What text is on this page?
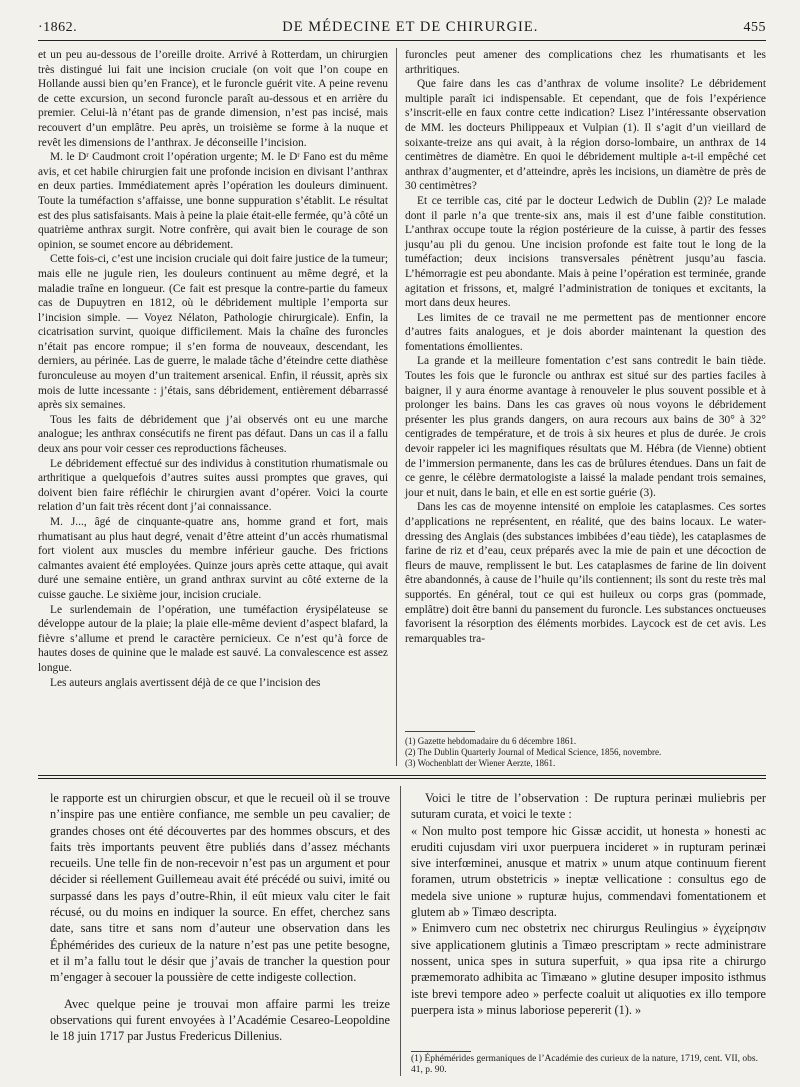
·1862.	DE MÉDECINE ET DE CHIRURGIE.	455

et un peu au-dessous de l’oreille droite. Arrivé à Rotterdam, un chirurgien très distingué lui fait une incision cruciale (on voit que l’on coupe en Hollande aussi bien qu’en France), et le furoncle guérit vite. A peine revenu de cette excursion, un second furoncle paraît au-dessous et en arrière du premier. Celui-là n’étant pas de grande dimension, n’est pas incisé, mais recouvert d’un emplâtre. Peu après, un troisième se forme à la nuque et revêt les dimensions de l’anthrax. Je déconseille l’incision.

M. le Dʳ Caudmont croit l’opération urgente; M. le Dʳ Fano est du même avis, et cet habile chirurgien fait une profonde incision en divisant l’anthrax en deux parties. Immédiatement après l’opération les douleurs diminuent. Toute la tuméfaction s’affaisse, une bonne suppuration s’établit. Le résultat est des plus satisfaisants. Mais à peine la plaie était-elle fermée, qu’à côté un quatrième anthrax surgit. Notre confrère, qui avait bien le courage de son opinion, se soumet encore au débridement.

Cette fois-ci, c’est une incision cruciale qui doit faire justice de la tumeur; mais elle ne jugule rien, les douleurs continuent au même degré, et la maladie traîne en longueur. (Ce fait est presque la contre-partie du fameux cas de Dupuytren en 1812, où le débridement multiple l’emporta sur l’incision simple. — Voyez Nélaton, Pathologie chirurgicale). Enfin, la cicatrisation survint, quoique difficilement. Mais la chaîne des furoncles n’était pas encore rompue; il s’en forma de nouveaux, descendant, les derniers, au périnée. Las de guerre, le malade tâche d’éteindre cette diathèse furonculeuse au moyen d’un traitement arsenical. Enfin, il réussit, après six mois de lutte incessante : j’étais, sans débridement, entièrement débarrassé après six semaines.

Tous les faits de débridement que j’ai observés ont eu une marche analogue; les anthrax consécutifs ne firent pas défaut. Dans un cas il a fallu deux ans pour voir cesser ces reproductions fâcheuses.

Le débridement effectué sur des individus à constitution rhumatismale ou arthritique a quelquefois d’autres suites aussi promptes que graves, qui doivent bien faire réfléchir le chirurgien avant d’opérer. Voici la courte relation d’un fait très récent dont j’ai connaissance.

M. J..., âgé de cinquante-quatre ans, homme grand et fort, mais rhumatisant au plus haut degré, venait d’être atteint d’un accès rhumatismal fort violent aux muscles du membre inférieur gauche. Des frictions calmantes avaient été employées. Quinze jours après cette attaque, qui avait duré une semaine entière, un grand anthrax survint au côté externe de la cuisse gauche. Le sixième jour, incision cruciale.

Le surlendemain de l’opération, une tuméfaction érysipélateuse se développe autour de la plaie; la plaie elle-même devient d’aspect blafard, la fièvre s’allume et prend le caractère pernicieux. Ce n’est qu’à force de hautes doses de quinine que le malade est sauvé. La convalescence est assez longue.

Les auteurs anglais avertissent déjà de ce que l’incision des

furoncles peut amener des complications chez les rhumatisants et les arthritiques.

Que faire dans les cas d’anthrax de volume insolite? Le débridement multiple paraît ici indispensable. Et cependant, que de fois l’expérience s’inscrit-elle en faux contre cette indication? Lisez l’intéressante observation de MM. les docteurs Philippeaux et Vulpian (1). Il s’agit d’un vieillard de soixante-treize ans qui avait, à la région dorso-lombaire, un anthrax de 14 centimètres de diamètre. En quoi le débridement multiple a-t-il empêché cet anthrax d’augmenter, et d’atteindre, après les incisions, un diamètre de près de 30 centimètres?

Et ce terrible cas, cité par le docteur Ledwich de Dublin (2)? Le malade dont il parle n’a que trente-six ans, mais il est d’une faible constitution. L’anthrax occupe toute la région postérieure de la cuisse, à partir des fesses jusqu’au pli du genou. Une incision profonde est faite tout le long de la tuméfaction; deux incisions transversales pénètrent jusqu’au fascia. L’hémorragie est peu abondante. Mais à peine l’opération est terminée, grande agitation et frissons, et, malgré l’administration de toniques et excitants, la mort dans deux heures.

Les limites de ce travail ne me permettent pas de mentionner encore d’autres faits analogues, et je dois aborder maintenant la question des fomentations émollientes.

La grande et la meilleure fomentation c’est sans contredit le bain tiède. Toutes les fois que le furoncle ou anthrax est situé sur des parties faciles à baigner, il y aura énorme avantage à renouveler le plus souvent possible et à prolonger les bains. Dans les cas graves où nous voyons le débridement présenter les plus grands dangers, on aura recours aux bains de 30° à 32° centigrades de température, et de trois à six heures et plus de durée. Je crois devoir rappeler ici les magnifiques résultats que M. Hébra (de Vienne) obtient de l’immersion permanente, dans les cas de brûlures étendues. Dans un fait de ce genre, le célèbre dermatologiste a laissé la malade pendant trois semaines, jour et nuit, dans le bain, et elle en est sortie guérie (3).

Dans les cas de moyenne intensité on emploie les cataplasmes. Ces sortes d’applications ne représentent, en réalité, que des bains locaux. Le water-dressing des Anglais (des substances imbibées d’eau tiède), les cataplasmes de farine de riz et d’eau, ceux préparés avec la mie de pain et une décoction de fleurs de mauve, remplissent le but. Les cataplasmes de farine de lin doivent être abandonnés, à cause de l’huile qu’ils contiennent; ils sont du reste très mal supportés. En général, tout ce qui est huileux ou corps gras (pommade, emplâtre) doit être banni du pansement du furoncle. Les substances onctueuses favorisent la résorption des éléments morbides. Laycock est de cet avis. Les remarquables tra-

(1) Gazette hebdomadaire du 6 décembre 1861.
(2) The Dublin Quarterly Journal of Medical Science, 1856, novembre.
(3) Wochenblatt der Wiener Aerzte, 1861.

le rapporte est un chirurgien obscur, et que le recueil où il se trouve n’inspire pas une entière confiance, me semble un peu cavalier; de grandes choses ont été découvertes par des hommes obscurs, et des faits très importants peuvent être publiés dans d’assez méchants recueils. Une telle fin de non-recevoir n’est pas un argument et pour décider si réellement Guillemeau avait été précédé ou suivi, imité ou surpassé dans les pays d’outre-Rhin, il eût mieux valu citer le fait récusé, ou du moins en indiquer la source. En effet, cherchez sans date, sans titre et sans nom d’auteur une observation dans les Éphémérides des curieux de la nature n’est pas une petite besogne, et il m’a fallu tout le désir que j’avais de trancher la question pour m’engager à secouer la poussière de cette indigeste collection.

Avec quelque peine je trouvai mon affaire parmi les treize observations qui furent envoyées à l’Académie Cesareo-Leopoldine le 18 juin 1717 par Justus Fredericus Dillenius.

Voici le titre de l’observation : De ruptura perinæi muliebris per suturam curata, et voici le texte :

« Non multo post tempore hic Gissæ accidit, ut honesta » honesti ac eruditi cujusdam viri uxor puerpuera incideret » in rupturam perinæi sive interfœminei, anusque et matrix » unum atque continuum fierent foramen, utrum obstetricis » ineptæ vellicatione : consultus ego de medela sive unione » rupturæ hujus, commendavi fomentationem et glutem ab » Timæo descripta.

» Enimvero cum nec obstetrix nec chirurgus Reulingius » ἐγχείρησιν sive applicationem glutinis a Timæo prescriptam » recte administrare nossent, unica spes in sutura superfuit, » qua ipsa rite a chirurgo præmemorato adhibita ac Timæano » glutine desuper imposito isthmus iste brevi tempore adeo » perfecte coaluit ut aliquoties ex illo tempore puerpera ista » minus laboriose pepererit (1). »

(1) Éphémérides germaniques de l’Académie des curieux de la nature, 1719, cent. VII, obs. 41, p. 90.
